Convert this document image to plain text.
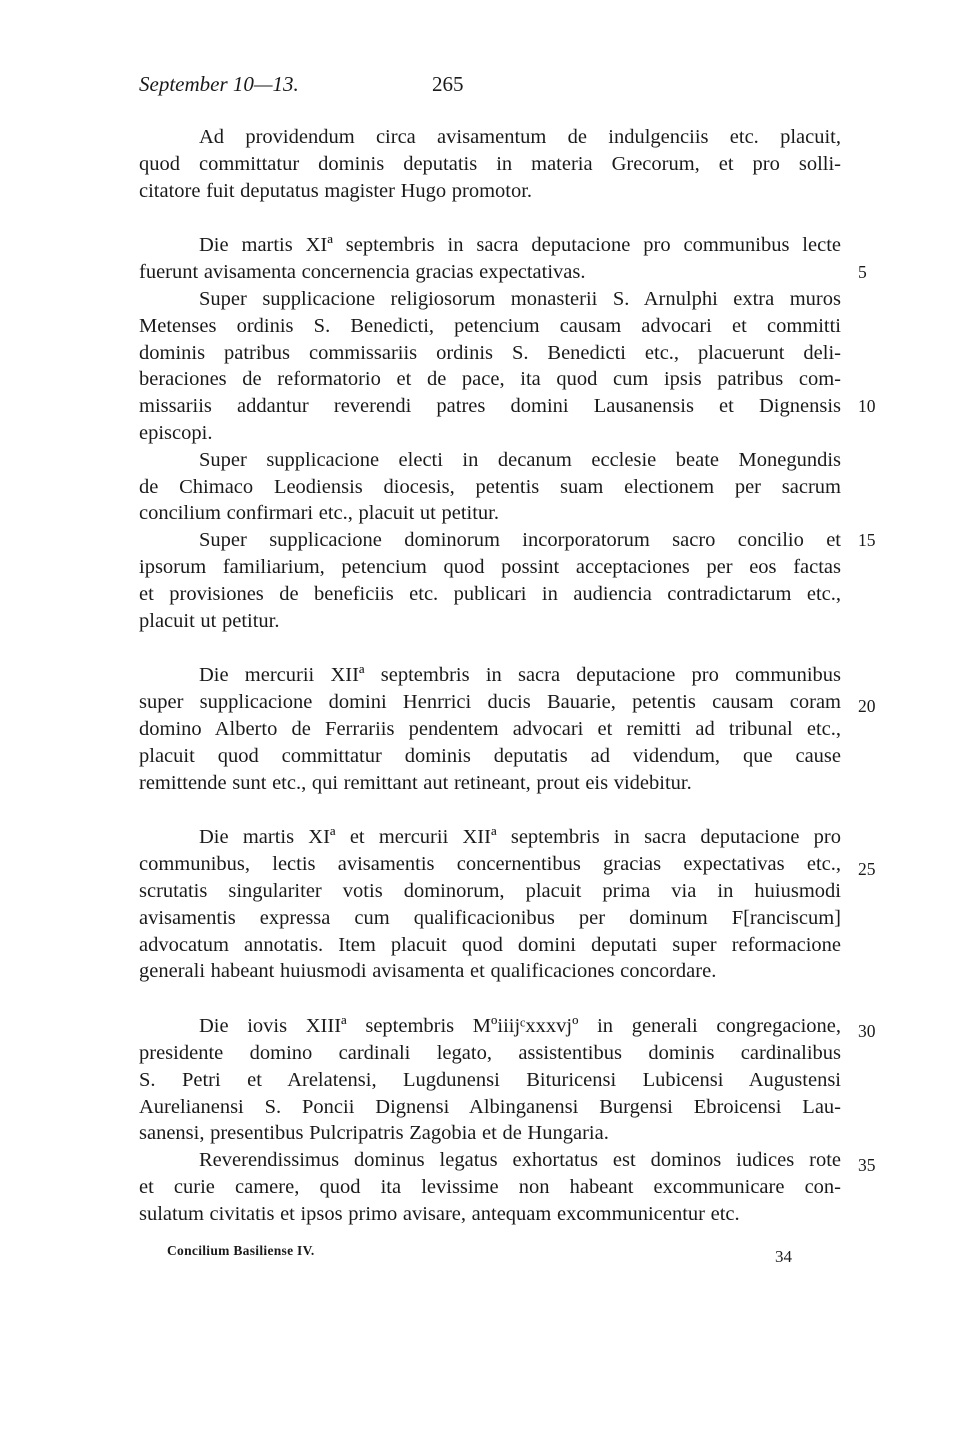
September 10—13.	265
Ad providendum circa avisamentum de indulgenciis etc. placuit,
quod committatur dominis deputatis in materia Grecorum, et pro solli-
citatore fuit deputatus magister Hugo promotor.
Die martis XIª septembris in sacra deputacione pro communibus lecte
fuerunt avisamenta concernencia gracias expectativas.
Super supplicacione religiosorum monasterii S. Arnulphi extra muros
Metenses ordinis S. Benedicti, petencium causam advocari et committi
dominis patribus commissariis ordinis S. Benedicti etc., placuerunt deli-
beraciones de reformatorio et de pace, ita quod cum ipsis patribus com-
missariis addantur reverendi patres domini Lausanensis et Dignensis
episcopi.
Super supplicacione electi in decanum ecclesie beate Monegundis
de Chimaco Leodiensis diocesis, petentis suam electionem per sacrum
concilium confirmari etc., placuit ut petitur.
Super supplicacione dominorum incorporatorum sacro concilio et
ipsorum familiarium, petencium quod possint acceptaciones per eos factas
et provisiones de beneficiis etc. publicari in audiencia contradictarum etc.,
placuit ut petitur.
Die mercurii XIIª septembris in sacra deputacione pro communibus
super supplicacione domini Henrrici ducis Bauarie, petentis causam coram
domino Alberto de Ferrariis pendentem advocari et remitti ad tribunal etc.,
placuit quod committatur dominis deputatis ad videndum, que cause
remittende sunt etc., qui remittant aut retineant, prout eis videbitur.
Die martis XIª et mercurii XIIª septembris in sacra deputacione pro
communibus, lectis avisamentis concernentibus gracias expectativas etc.,
scrutatis singulariter votis dominorum, placuit prima via in huiusmodi
avisamentis expressa cum qualificacionibus per dominum F[ranciscum]
advocatum annotatis. Item placuit quod domini deputati super reformacione
generali habeant huiusmodi avisamenta et qualificaciones concordare.
Die iovis XIIIª septembris Mºiiijᶜxxxvjº in generali congregacione,
presidente domino cardinali legato, assistentibus dominis cardinalibus
S. Petri et Arelatensi, Lugdunensi Bituricensi Lubicensi Augustensi
Aurelianensi S. Poncii Dignensi Albinganensi Burgensi Ebroicensi Lau-
sanensi, presentibus Pulcripatris Zagobia et de Hungaria.
Reverendissimus dominus legatus exhortatus est dominos iudices rote
et curie camere, quod ita levissime non habeant excommunicare con-
sulatum civitatis et ipsos primo avisare, antequam excommunicentur etc.
5
10
15
20
25
30
35
Concilium Basiliense IV.	34
